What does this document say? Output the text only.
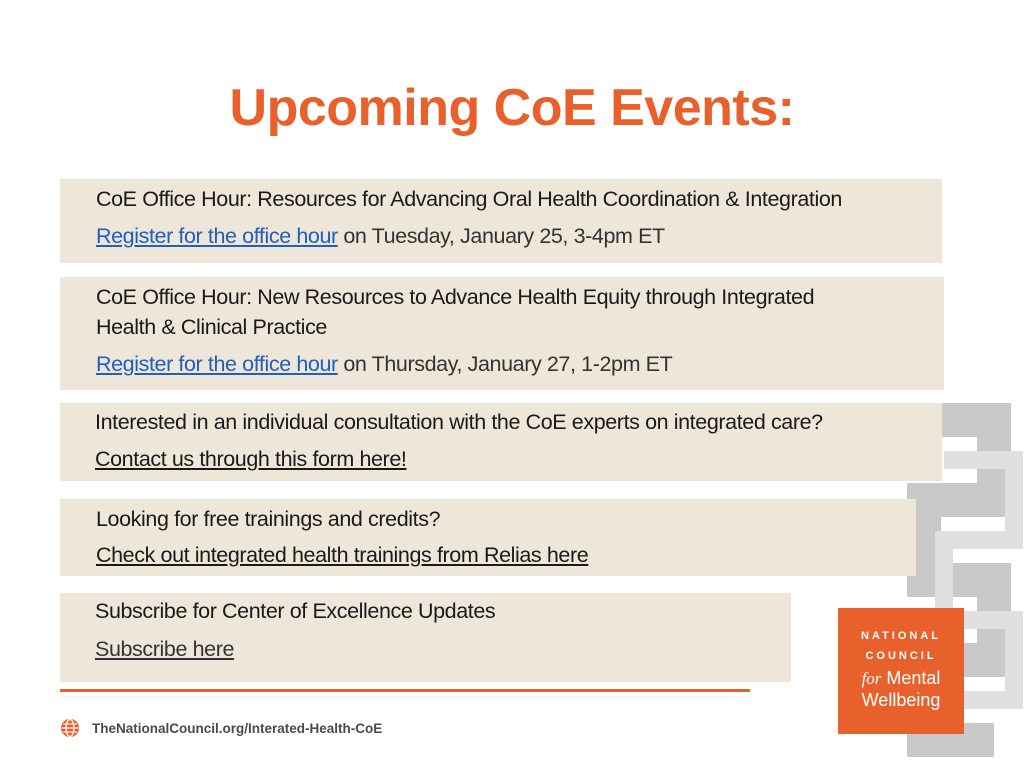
Upcoming CoE Events:
CoE Office Hour: Resources for Advancing Oral Health Coordination & Integration
Register for the office hour on Tuesday, January 25, 3-4pm ET
CoE Office Hour: New Resources to Advance Health Equity through Integrated
Health & Clinical Practice
Register for the office hour on Thursday, January 27, 1-2pm ET
Interested in an individual consultation with the CoE experts on integrated care?
Contact us through this form here!
Looking for free trainings and credits?
Check out integrated health trainings from Relias here
Subscribe for Center of Excellence Updates
Subscribe here
TheNationalCouncil.org/Interated-Health-CoE
NATIONAL
COUNCIL
for Mental
Wellbeing
